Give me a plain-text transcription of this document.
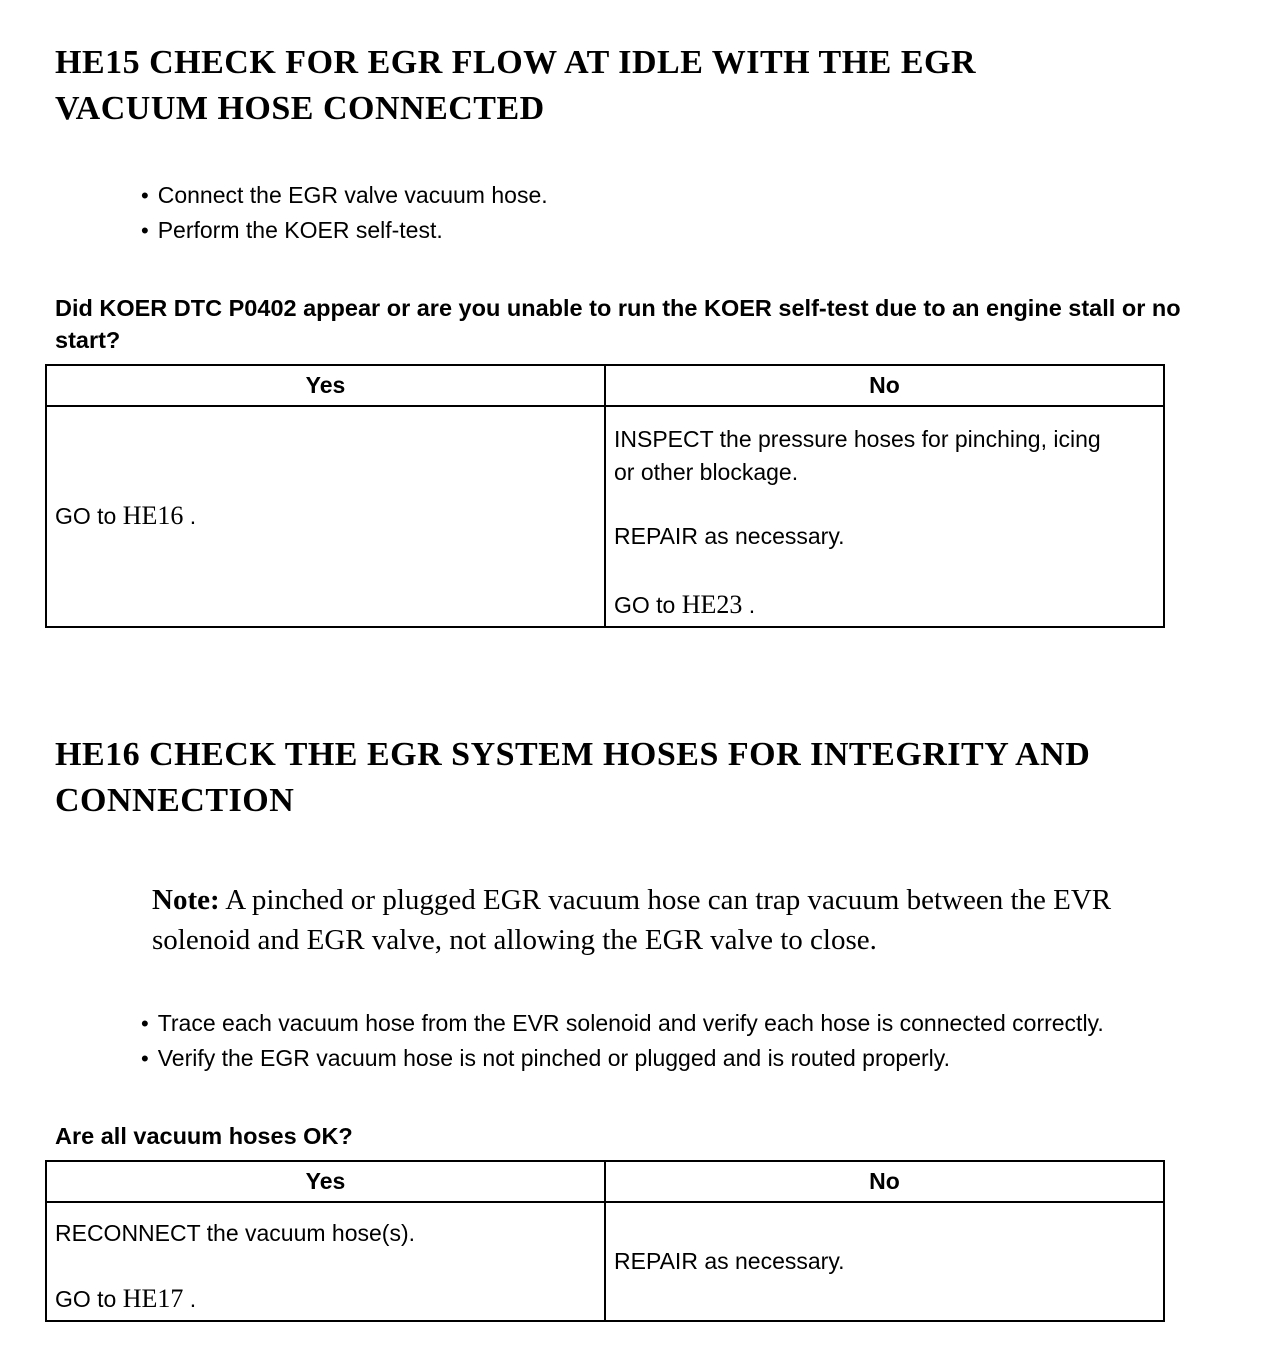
HE15 CHECK FOR EGR FLOW AT IDLE WITH THE EGR VACUUM HOSE CONNECTED
• Connect the EGR valve vacuum hose.
• Perform the KOER self-test.

Did KOER DTC P0402 appear or are you unable to run the KOER self-test due to an engine stall or no start?

Yes	No
GO to HE16 .	INSPECT the pressure hoses for pinching, icing or other blockage.

REPAIR as necessary.

GO to HE23 .

HE16 CHECK THE EGR SYSTEM HOSES FOR INTEGRITY AND CONNECTION

Note: A pinched or plugged EGR vacuum hose can trap vacuum between the EVR solenoid and EGR valve, not allowing the EGR valve to close.

• Trace each vacuum hose from the EVR solenoid and verify each hose is connected correctly.
• Verify the EGR vacuum hose is not pinched or plugged and is routed properly.

Are all vacuum hoses OK?

Yes	No

RECONNECT the vacuum hose(s).

GO to HE17 .	REPAIR as necessary.
